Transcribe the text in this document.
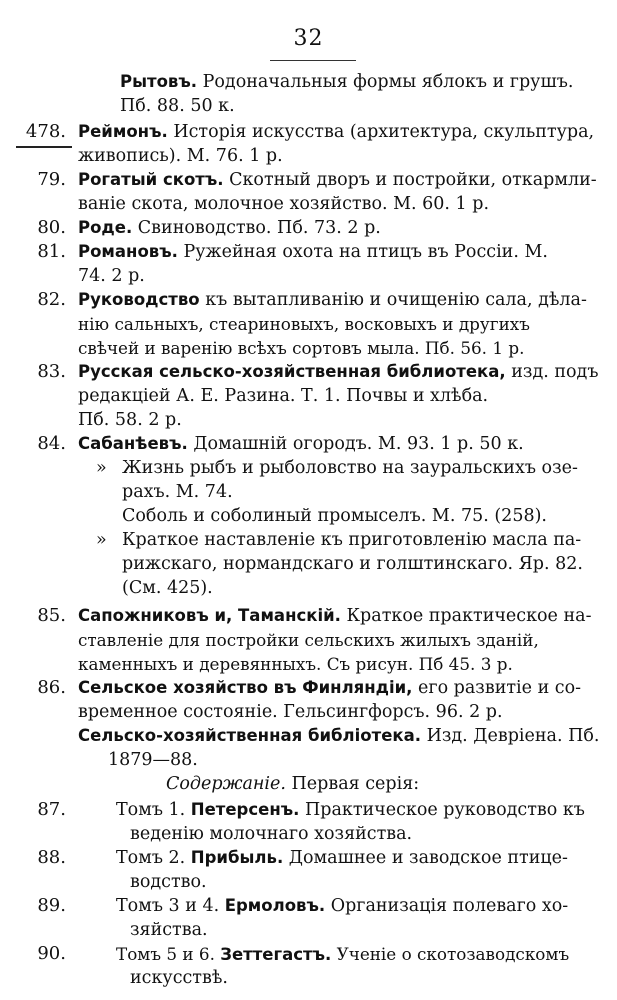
32
Рытовъ. Родоначальныя формы яблокъ и грушъ.
Пб. 88. 50 к.
478. Реймонъ. Исторія искусства (архитектура, скульптура,
живопись). М. 76. 1 р.
79. Рогатый скотъ. Скотный дворъ и постройки, откармли-
ваніе скота, молочное хозяйство. М. 60. 1 р.
80. Роде. Свиноводство. Пб. 73. 2 р.
81. Романовъ. Ружейная охота на птицъ въ Россіи. М.
74. 2 р.
82. Руководство къ вытапливанію и очищенію сала, дѣла-
нію сальныхъ, стеариновыхъ, восковыхъ и другихъ
свѣчей и варенію всѣхъ сортовъ мыла. Пб. 56. 1 р.
83. Русская сельско-хозяйственная библиотека, изд. подъ
редакціей А. Е. Разина. Т. 1. Почвы и хлѣба.
Пб. 58. 2 р.
84. Сабанѣевъ. Домашній огородъ. М. 93. 1 р. 50 к.
» Жизнь рыбъ и рыболовство на зауральскихъ озе-
рахъ. М. 74.
Соболь и соболиный промыселъ. М. 75. (258).
» Краткое наставленіе къ приготовленію масла па-
рижскаго, нормандскаго и голштинскаго. Яр. 82.
(См. 425).
85. Сапожниковъ и, Таманскій. Краткое практическое на-
ставленіе для постройки сельскихъ жилыхъ зданій,
каменныхъ и деревянныхъ. Съ рисун. Пб 45. 3 р.
86. Сельское хозяйство въ Финляндіи, его развитіе и со-
временное состояніе. Гельсингфорсъ. 96. 2 р.
Сельско-хозяйственная библіотека. Изд. Девріена. Пб.
1879—88.
Содержаніе. Первая серія:
87.	Томъ 1. Петерсенъ. Практическое руководство къ
веденію молочнаго хозяйства.
88.	Томъ 2. Прибыль. Домашнее и заводское птице-
водство.
89.	Томъ 3 и 4. Ермоловъ. Организація полеваго хо-
зяйства.
90.	Томъ 5 и 6. Зеттегастъ. Ученіе о скотозаводскомъ
искусствѣ.
